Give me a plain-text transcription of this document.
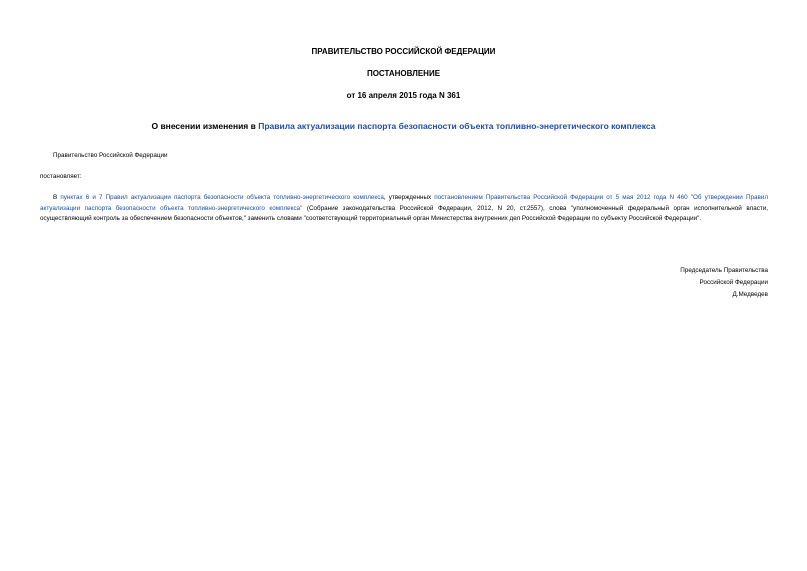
ПРАВИТЕЛЬСТВО РОССИЙСКОЙ ФЕДЕРАЦИИ
ПОСТАНОВЛЕНИЕ
от 16 апреля 2015 года N 361
О внесении изменения в Правила актуализации паспорта безопасности объекта топливно-энергетического комплекса
Правительство Российской Федерации
постановляет:
В пунктах 6 и 7 Правил актуализации паспорта безопасности объекта топливно-энергетического комплекса, утвержденных постановлением Правительства Российской Федерации от 5 мая 2012 года N 460 "Об утверждении Правил актуализации паспорта безопасности объекта топливно-энергетического комплекса" (Собрание законодательства Российской Федерации, 2012, N 20, ст.2557), слова "уполномоченный федеральный орган исполнительной власти, осуществляющий контроль за обеспечением безопасности объектов," заменить словами "соответствующий территориальный орган Министерства внутренних дел Российской Федерации по субъекту Российской Федерации".
Председатель Правительства
Российской Федерации
Д.Медведев
